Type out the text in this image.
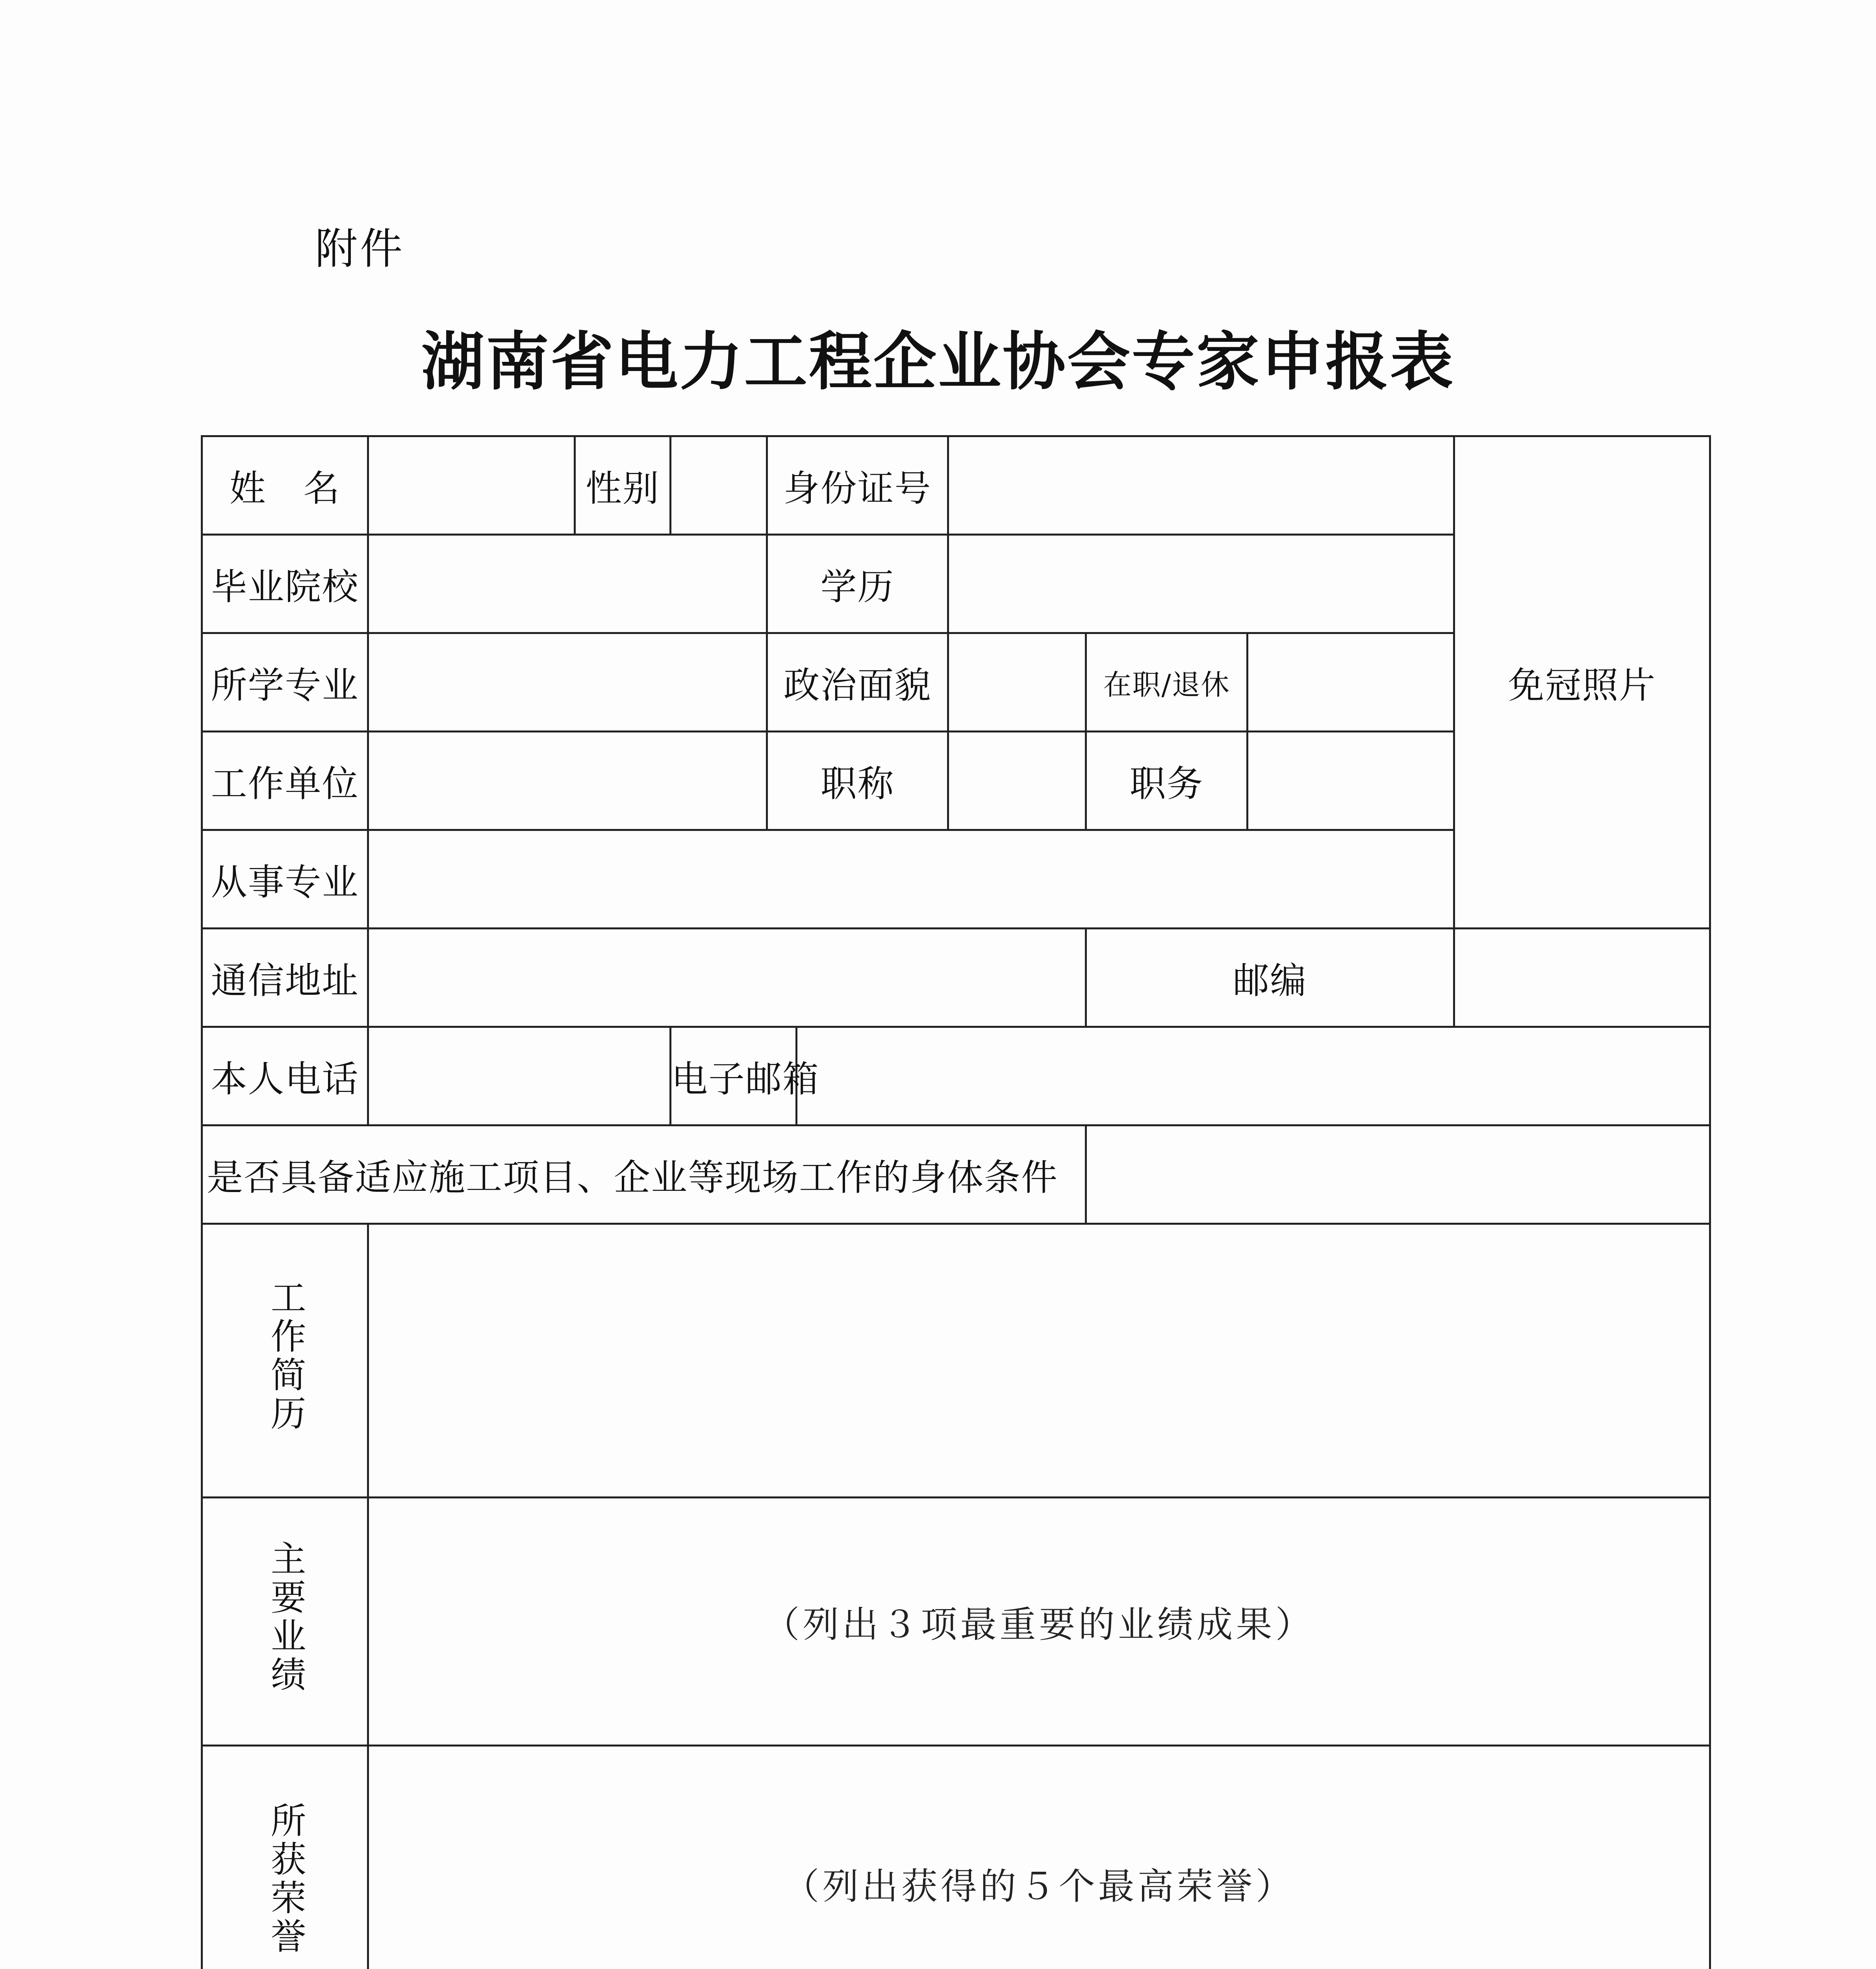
附件
湖南省电力工程企业协会专家申报表
姓　名		性别		身份证号					免冠照片
毕业院校				学历					
所学专业				政治面貌			在职/退休		
工作单位				职称			职务		
从事专业									
通信地址							邮编		
本人电话			电子邮箱						
是否具备适应施工项目、企业等现场工作的身体条件									
工作简历									
主要业绩	（列出３项最重要的业绩成果）								
所获荣誉	（列出获得的５个最高荣誉）								
